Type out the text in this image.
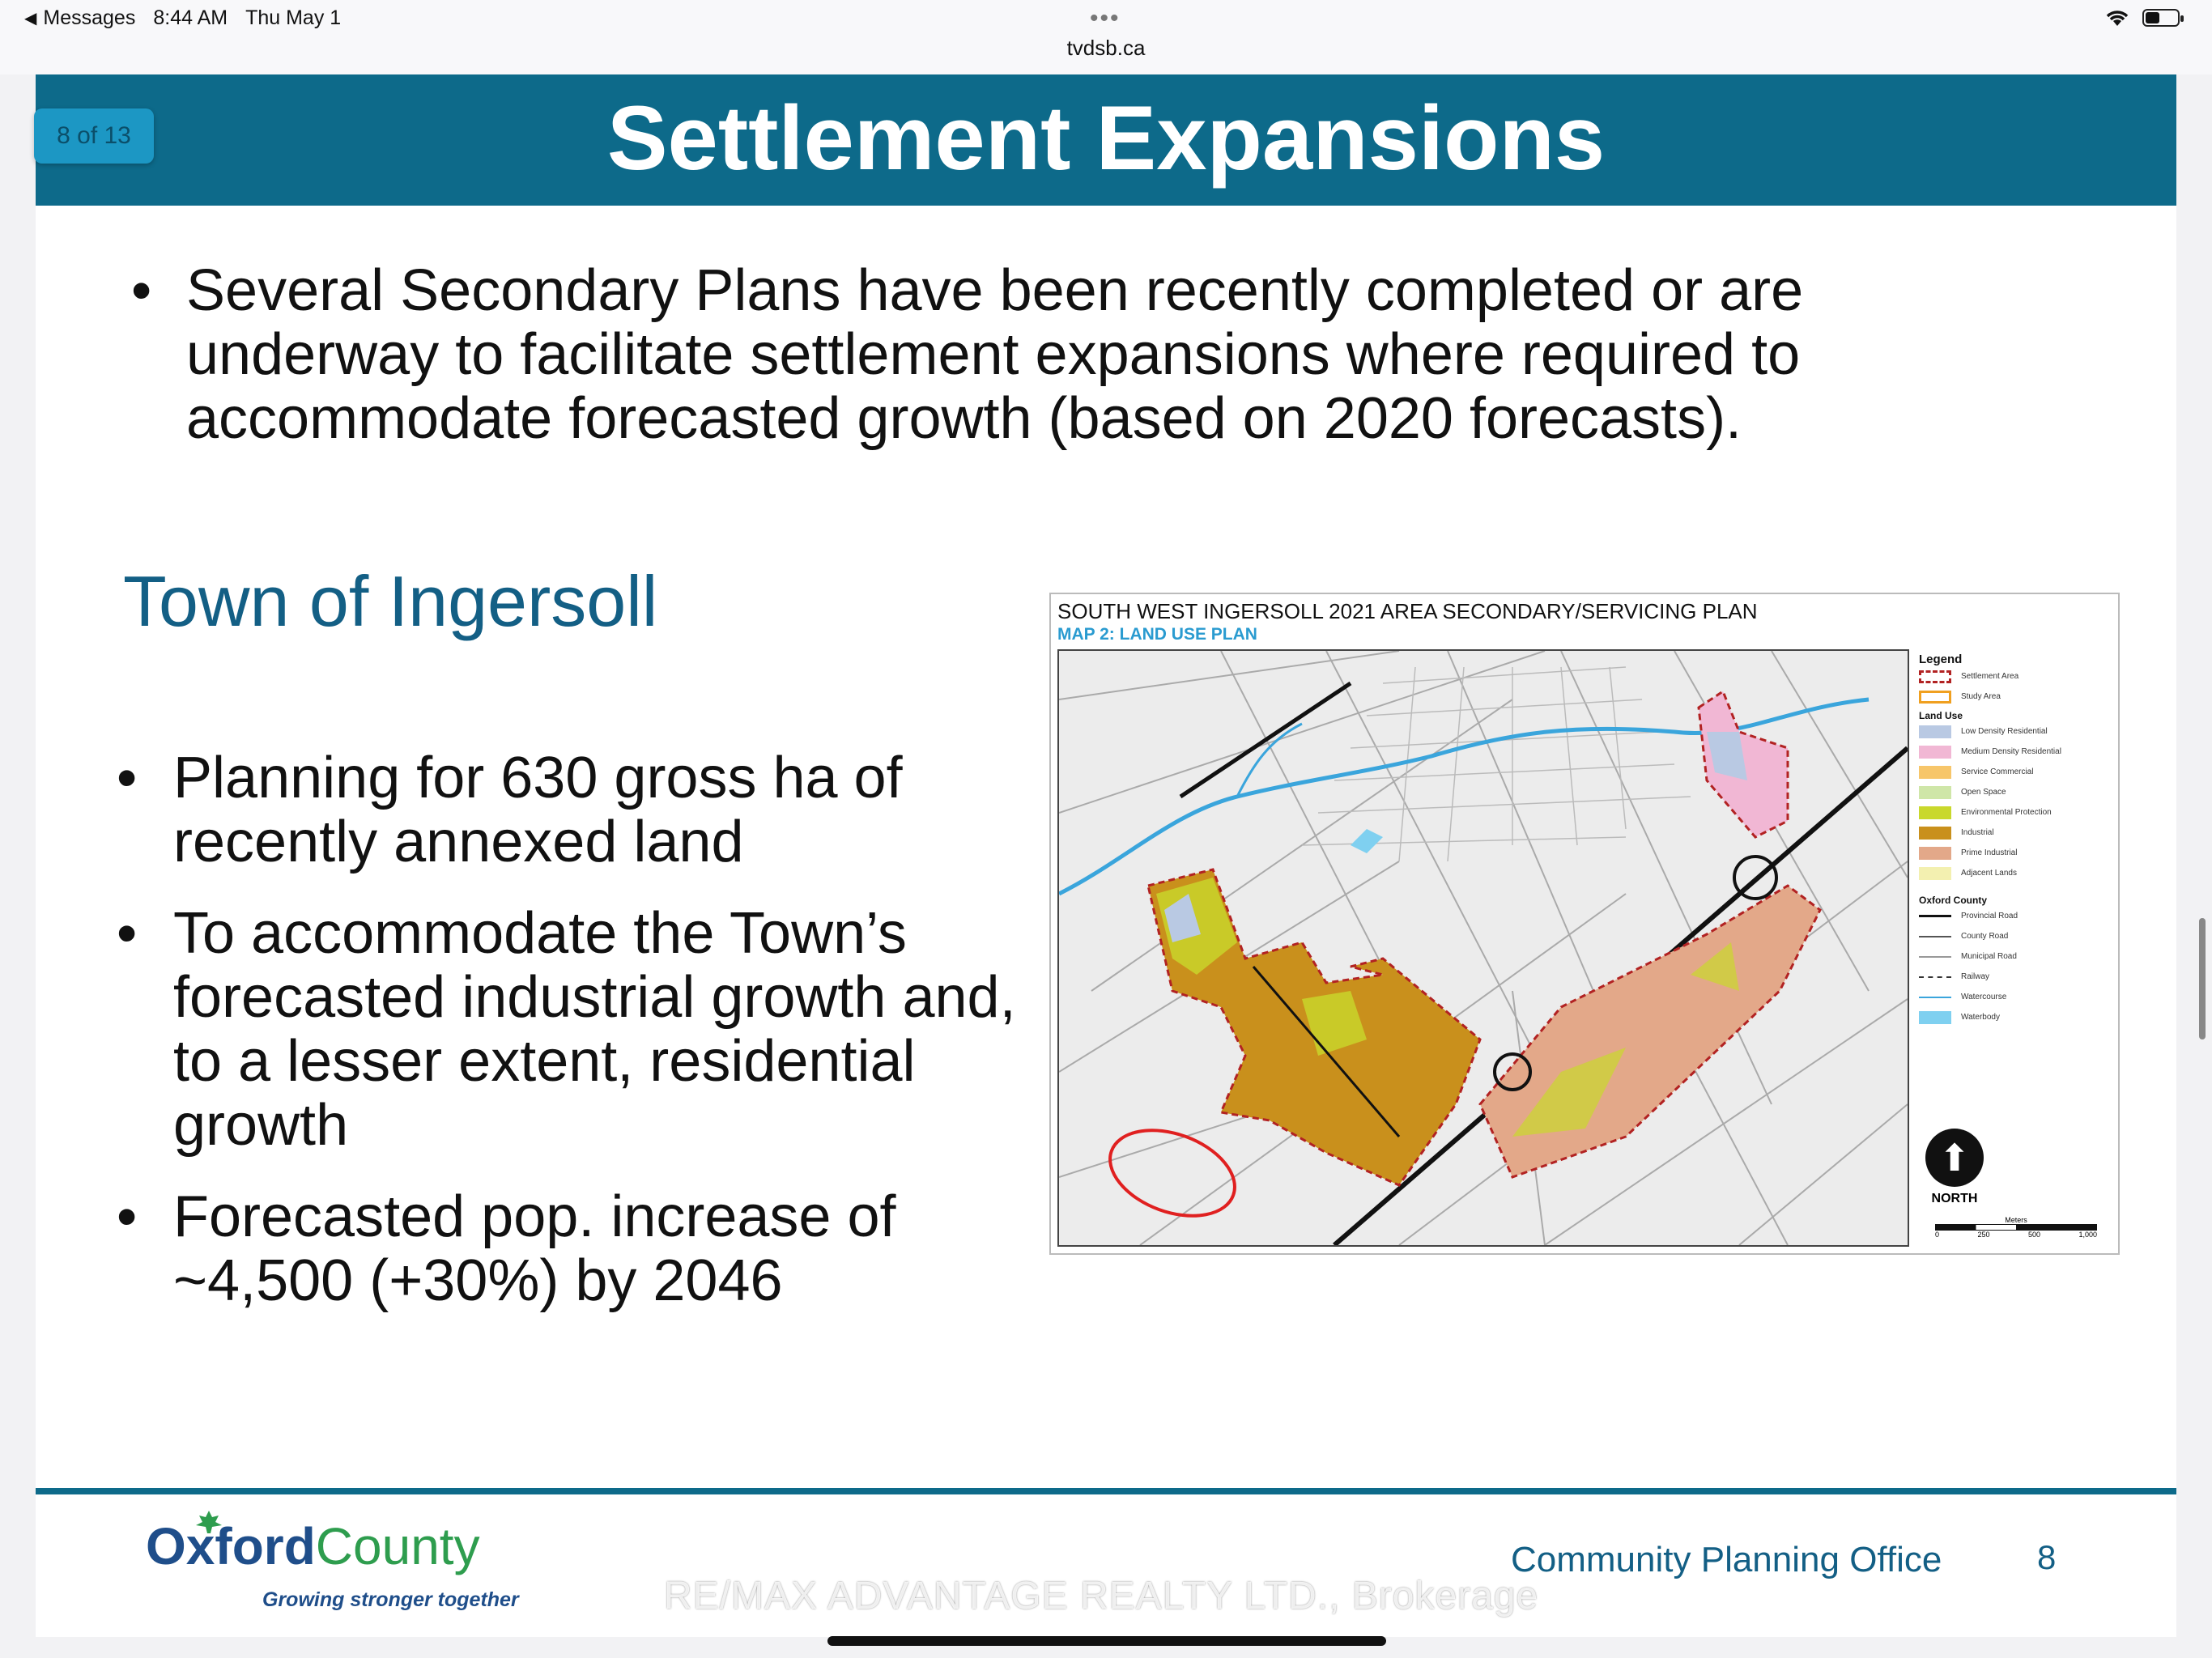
◀ Messages 8:44 AM Thu May 1	•••
tvdsb.ca
Settlement Expansions
• Several Secondary Plans have been recently completed or are
underway to facilitate settlement expansions where required to
accommodate forecasted growth (based on 2020 forecasts).
Town of Ingersoll
• Planning for 630 gross ha of
recently annexed land
• To accommodate the Town’s
forecasted industrial growth and,
to a lesser extent, residential
growth
• Forecasted pop. increase of
~4,500 (+30%) by 2046
SOUTH WEST INGERSOLL 2021 AREA SECONDARY/SERVICING PLAN
MAP 2: LAND USE PLAN
Legend
Settlement Area
Study Area
Land Use
Low Density Residential
Medium Density Residential
Service Commercial
Open Space
Environmental Protection
Industrial
Prime Industrial
Adjacent Lands
Oxford County
Provincial Road
County Road
Municipal Road
Railway
Watercourse
Waterbody
⬆
NORTH
Meters
0	250	500	1,000
OxfordCounty
Growing stronger together
Community Planning Office	8
8 of 13
RE/MAX ADVANTAGE REALTY LTD., Brokerage
